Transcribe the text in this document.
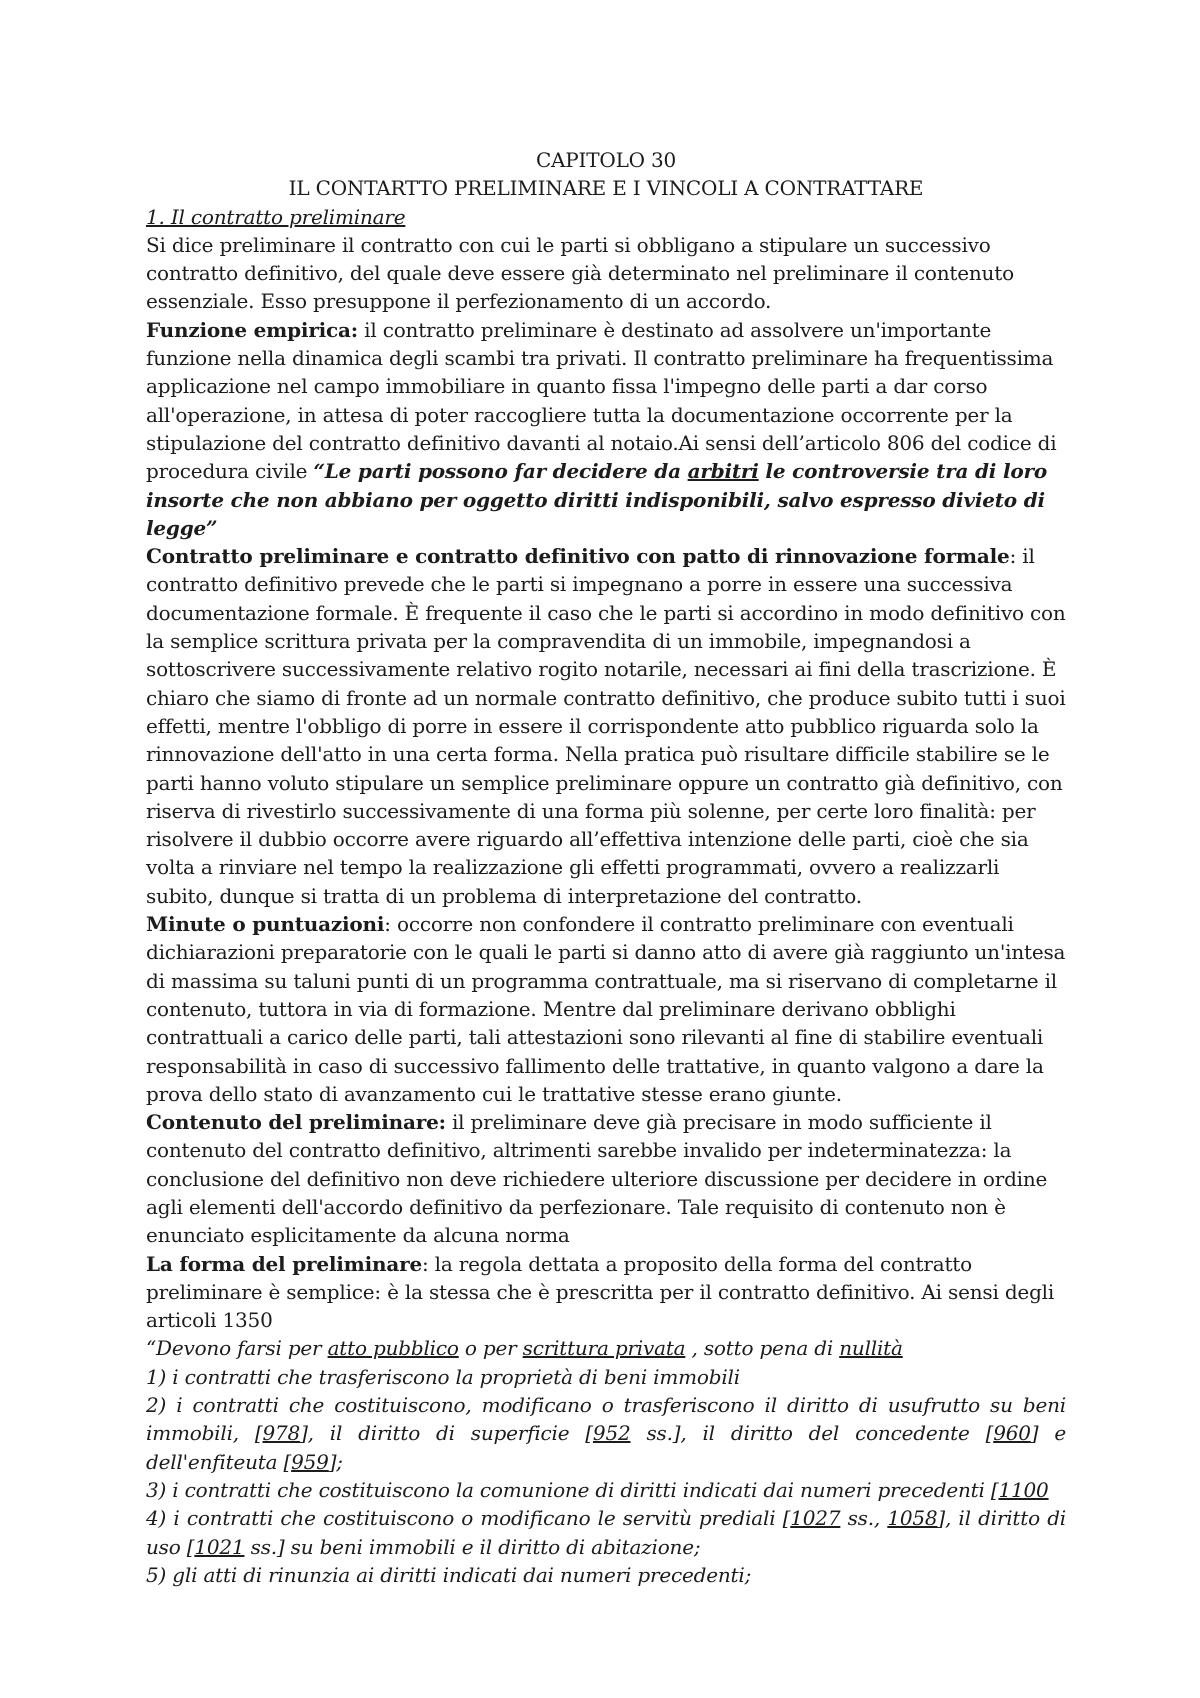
CAPITOLO 30

IL CONTARTTO PRELIMINARE E I VINCOLI A CONTRATTARE

1. Il contratto preliminare

Si dice preliminare il contratto con cui le parti si obbligano a stipulare un successivo contratto definitivo, del quale deve essere già determinato nel preliminare il contenuto essenziale. Esso presuppone il perfezionamento di un accordo.

Funzione empirica: il contratto preliminare è destinato ad assolvere un'importante funzione nella dinamica degli scambi tra privati. Il contratto preliminare ha frequentissima applicazione nel campo immobiliare in quanto fissa l'impegno delle parti a dar corso all'operazione, in attesa di poter raccogliere tutta la documentazione occorrente per la stipulazione del contratto definitivo davanti al notaio.Ai sensi dell’articolo 806 del codice di procedura civile “Le parti possono far decidere da arbitri le controversie tra di loro insorte che non abbiano per oggetto diritti indisponibili, salvo espresso divieto di legge”

Contratto preliminare e contratto definitivo con patto di rinnovazione formale: il contratto definitivo prevede che le parti si impegnano a porre in essere una successiva documentazione formale. È frequente il caso che le parti si accordino in modo definitivo con la semplice scrittura privata per la compravendita di un immobile, impegnandosi a sottoscrivere successivamente relativo rogito notarile, necessari ai fini della trascrizione. È chiaro che siamo di fronte ad un normale contratto definitivo, che produce subito tutti i suoi effetti, mentre l'obbligo di porre in essere il corrispondente atto pubblico riguarda solo la rinnovazione dell'atto in una certa forma. Nella pratica può risultare difficile stabilire se le parti hanno voluto stipulare un semplice preliminare oppure un contratto già definitivo, con riserva di rivestirlo successivamente di una forma più solenne, per certe loro finalità: per risolvere il dubbio occorre avere riguardo all’effettiva intenzione delle parti, cioè che sia volta a rinviare nel tempo la realizzazione gli effetti programmati, ovvero a realizzarli subito, dunque si tratta di un problema di interpretazione del contratto.

Minute o puntuazioni: occorre non confondere il contratto preliminare con eventuali dichiarazioni preparatorie con le quali le parti si danno atto di avere già raggiunto un'intesa di massima su taluni punti di un programma contrattuale, ma si riservano di completarne il contenuto, tuttora in via di formazione. Mentre dal preliminare derivano obblighi contrattuali a carico delle parti, tali attestazioni sono rilevanti al fine di stabilire eventuali responsabilità in caso di successivo fallimento delle trattative, in quanto valgono a dare la prova dello stato di avanzamento cui le trattative stesse erano giunte.

Contenuto del preliminare: il preliminare deve già precisare in modo sufficiente il contenuto del contratto definitivo, altrimenti sarebbe invalido per indeterminatezza: la conclusione del definitivo non deve richiedere ulteriore discussione per decidere in ordine agli elementi dell'accordo definitivo da perfezionare. Tale requisito di contenuto non è enunciato esplicitamente da alcuna norma

La forma del preliminare: la regola dettata a proposito della forma del contratto preliminare è semplice: è la stessa che è prescritta per il contratto definitivo. Ai sensi degli articoli 1350

“Devono farsi per atto pubblico o per scrittura privata , sotto pena di nullità

1) i contratti che trasferiscono la proprietà di beni immobili

2) i contratti che costituiscono, modificano o trasferiscono il diritto di usufrutto su beni immobili, [978], il diritto di superficie [952 ss.], il diritto del concedente [960] e dell'enfiteuta [959];

3) i contratti che costituiscono la comunione di diritti indicati dai numeri precedenti [1100

4) i contratti che costituiscono o modificano le servitù prediali [1027 ss., 1058], il diritto di uso [1021 ss.] su beni immobili e il diritto di abitazione;

5) gli atti di rinunzia ai diritti indicati dai numeri precedenti;
